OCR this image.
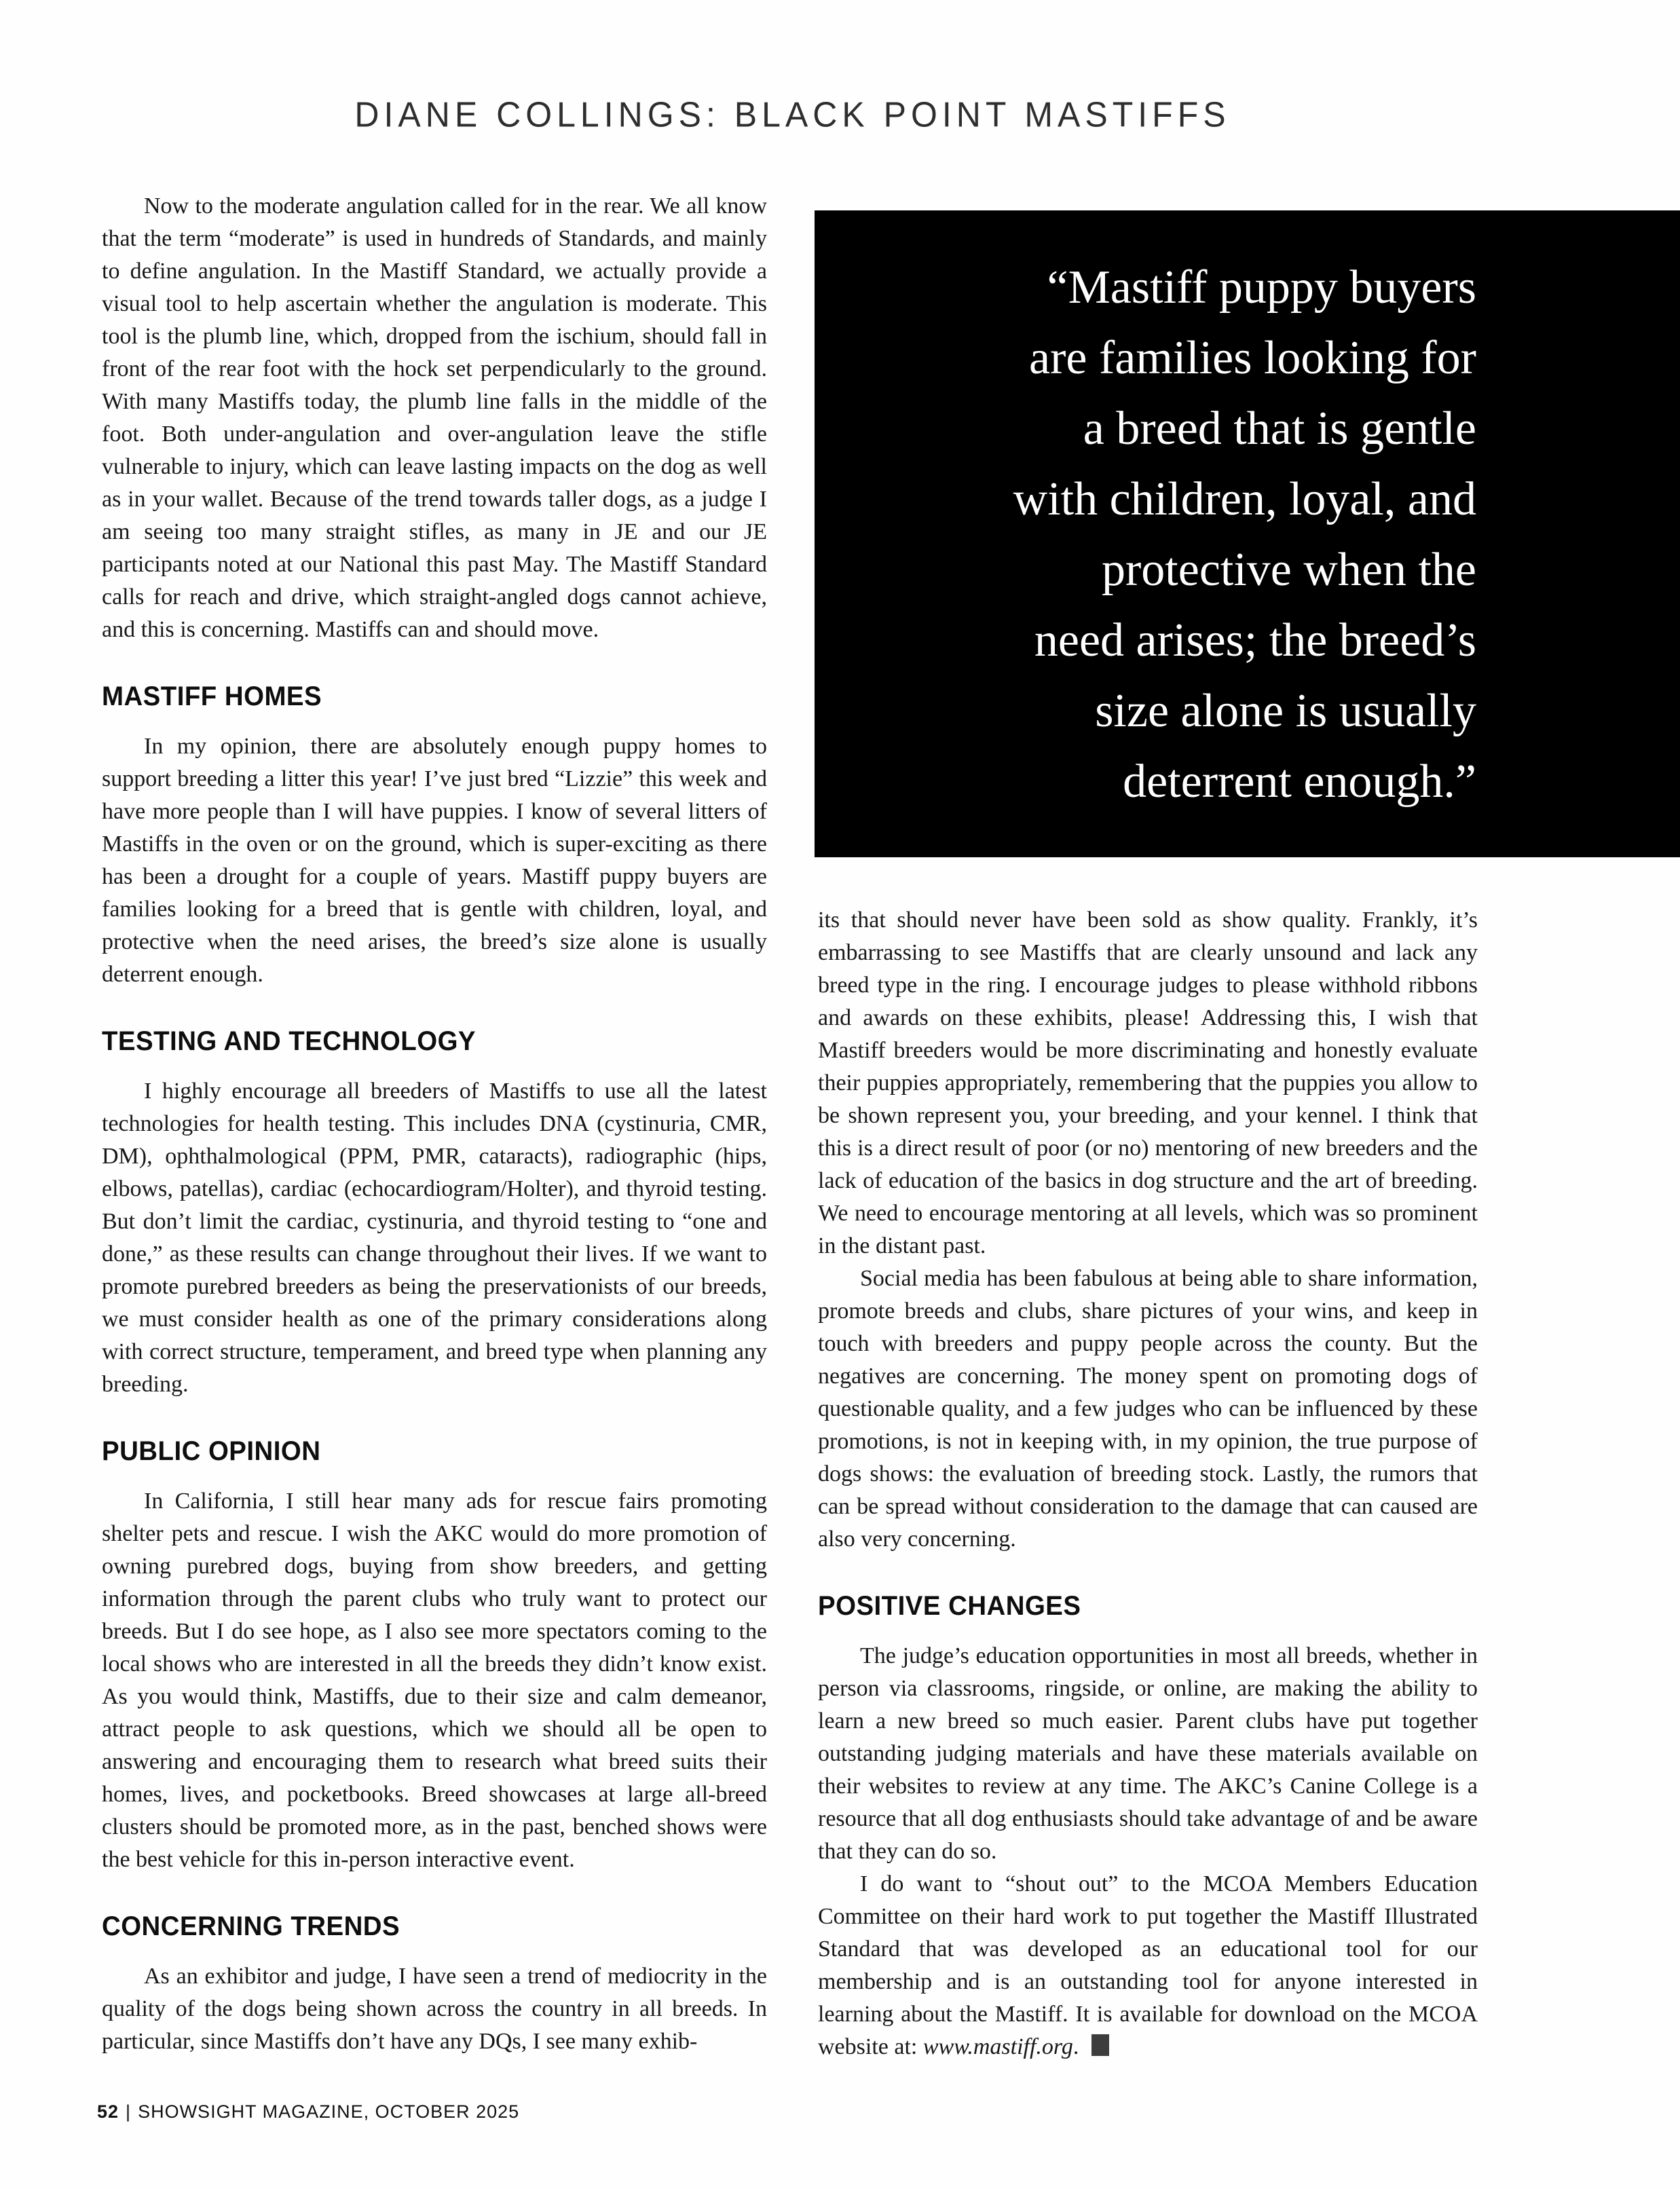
DIANE COLLINGS: BLACK POINT MASTIFFS
“Mastiff puppy buyers
are families looking for
a breed that is gentle
with children, loyal, and
protective when the
need arises; the breed’s
size alone is usually
deterrent enough.”

Now to the moderate angulation called for in the rear. We all know that the term “moderate” is used in hundreds of Standards, and mainly to define angulation. In the Mastiff Standard, we actually provide a visual tool to help ascertain whether the angulation is moderate. This tool is the plumb line, which, dropped from the ischium, should fall in front of the rear foot with the hock set perpendicularly to the ground. With many Mastiffs today, the plumb line falls in the middle of the foot. Both under-angulation and over-angulation leave the stifle vulnerable to injury, which can leave lasting impacts on the dog as well as in your wallet. Because of the trend towards taller dogs, as a judge I am seeing too many straight stifles, as many in JE and our JE participants noted at our National this past May. The Mastiff Standard calls for reach and drive, which straight-angled dogs cannot achieve, and this is concerning. Mastiffs can and should move.

MASTIFF HOMES

In my opinion, there are absolutely enough puppy homes to support breeding a litter this year! I’ve just bred “Lizzie” this week and have more people than I will have puppies. I know of several litters of Mastiffs in the oven or on the ground, which is super-exciting as there has been a drought for a couple of years. Mastiff puppy buyers are families looking for a breed that is gentle with children, loyal, and protective when the need arises, the breed’s size alone is usually deterrent enough.

TESTING AND TECHNOLOGY

I highly encourage all breeders of Mastiffs to use all the latest technologies for health testing. This includes DNA (cystinuria, CMR, DM), ophthalmological (PPM, PMR, cataracts), radiographic (hips, elbows, patellas), cardiac (echocardiogram/Holter), and thyroid testing. But don’t limit the cardiac, cystinuria, and thyroid testing to “one and done,” as these results can change throughout their lives. If we want to promote purebred breeders as being the preservationists of our breeds, we must consider health as one of the primary considerations along with correct structure, temperament, and breed type when planning any breeding.

PUBLIC OPINION

In California, I still hear many ads for rescue fairs promoting shelter pets and rescue. I wish the AKC would do more promotion of owning purebred dogs, buying from show breeders, and getting information through the parent clubs who truly want to protect our breeds. But I do see hope, as I also see more spectators coming to the local shows who are interested in all the breeds they didn’t know exist. As you would think, Mastiffs, due to their size and calm demeanor, attract people to ask questions, which we should all be open to answering and encouraging them to research what breed suits their homes, lives, and pocketbooks. Breed showcases at large all-breed clusters should be promoted more, as in the past, benched shows were the best vehicle for this in-person interactive event.

CONCERNING TRENDS

As an exhibitor and judge, I have seen a trend of mediocrity in the quality of the dogs being shown across the country in all breeds. In particular, since Mastiffs don’t have any DQs, I see many exhib-

its that should never have been sold as show quality. Frankly, it’s embarrassing to see Mastiffs that are clearly unsound and lack any breed type in the ring. I encourage judges to please withhold ribbons and awards on these exhibits, please! Addressing this, I wish that Mastiff breeders would be more discriminating and honestly evaluate their puppies appropriately, remembering that the puppies you allow to be shown represent you, your breeding, and your kennel. I think that this is a direct result of poor (or no) mentoring of new breeders and the lack of education of the basics in dog structure and the art of breeding. We need to encourage mentoring at all levels, which was so prominent in the distant past.

Social media has been fabulous at being able to share information, promote breeds and clubs, share pictures of your wins, and keep in touch with breeders and puppy people across the county. But the negatives are concerning. The money spent on promoting dogs of questionable quality, and a few judges who can be influenced by these promotions, is not in keeping with, in my opinion, the true purpose of dogs shows: the evaluation of breeding stock. Lastly, the rumors that can be spread without consideration to the damage that can caused are also very concerning.

POSITIVE CHANGES

The judge’s education opportunities in most all breeds, whether in person via classrooms, ringside, or online, are making the ability to learn a new breed so much easier. Parent clubs have put together outstanding judging materials and have these materials available on their websites to review at any time. The AKC’s Canine College is a resource that all dog enthusiasts should take advantage of and be aware that they can do so.

I do want to “shout out” to the MCOA Members Education Committee on their hard work to put together the Mastiff Illustrated Standard that was developed as an educational tool for our membership and is an outstanding tool for anyone interested in learning about the Mastiff. It is available for download on the MCOA website at: www.mastiff.org.

52 | SHOWSIGHT MAGAZINE, OCTOBER 2025
